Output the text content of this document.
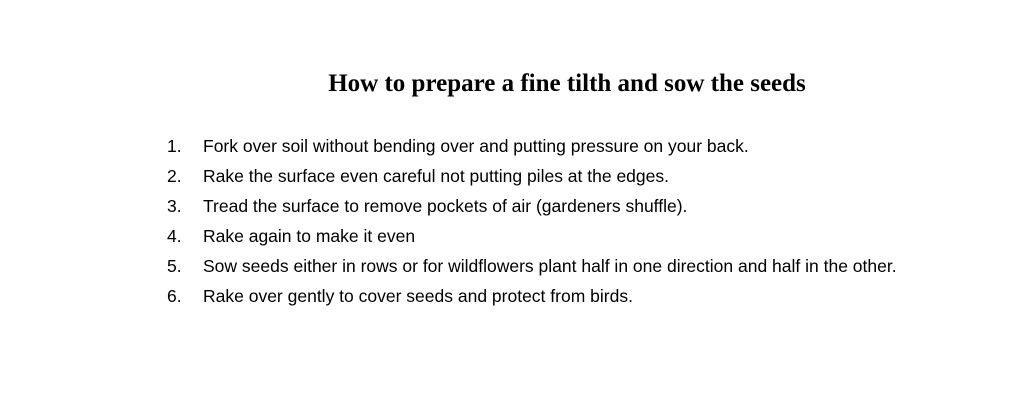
How to prepare a fine tilth and sow the seeds
1.	Fork over soil without bending over and putting pressure on your back.
2.	Rake the surface even careful not putting piles at the edges.
3.	Tread the surface to remove pockets of air (gardeners shuffle).
4.	Rake again to make it even
5.	Sow seeds either in rows or for wildflowers plant half in one direction and half in the other.
6.	Rake over gently to cover seeds and protect from birds.
